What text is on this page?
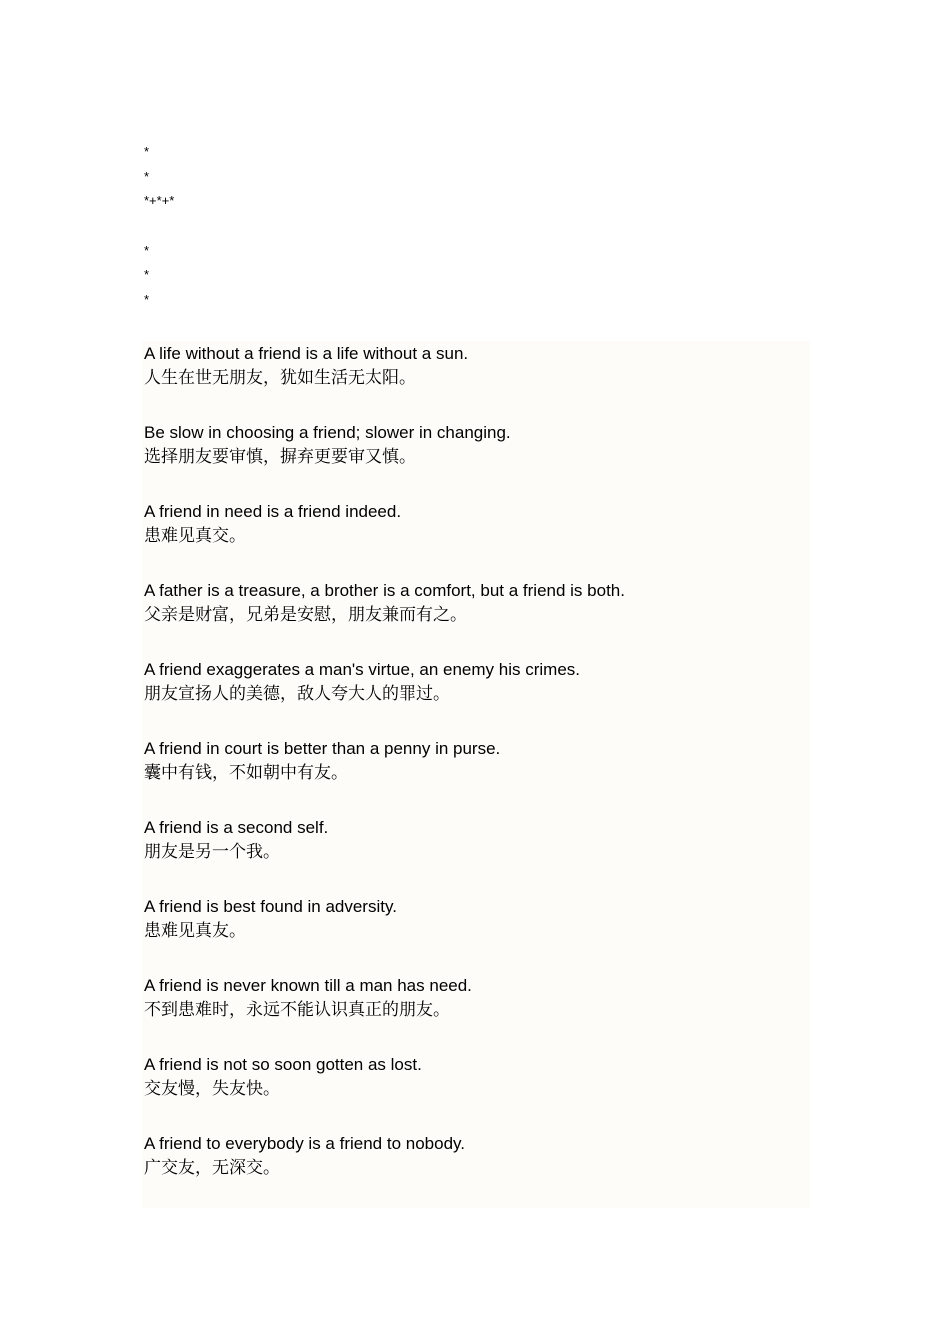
*
*
*+*+*
*
*
*
A life without a friend is a life without a sun.
人生在世无朋友，犹如生活无太阳。
Be slow in choosing a friend; slower in changing.
选择朋友要审慎，摒弃更要审又慎。
A friend in need is a friend indeed.
患难见真交。
A father is a treasure, a brother is a comfort, but a friend is both.
父亲是财富，兄弟是安慰，朋友兼而有之。
A friend exaggerates a man's virtue, an enemy his crimes.
朋友宣扬人的美德，敌人夸大人的罪过。
A friend in court is better than a penny in purse.
囊中有钱，不如朝中有友。
A friend is a second self.
朋友是另一个我。
A friend is best found in adversity.
患难见真友。
A friend is never known till a man has need.
不到患难时，永远不能认识真正的朋友。
A friend is not so soon gotten as lost.
交友慢，失友快。
A friend to everybody is a friend to nobody.
广交友，无深交。
